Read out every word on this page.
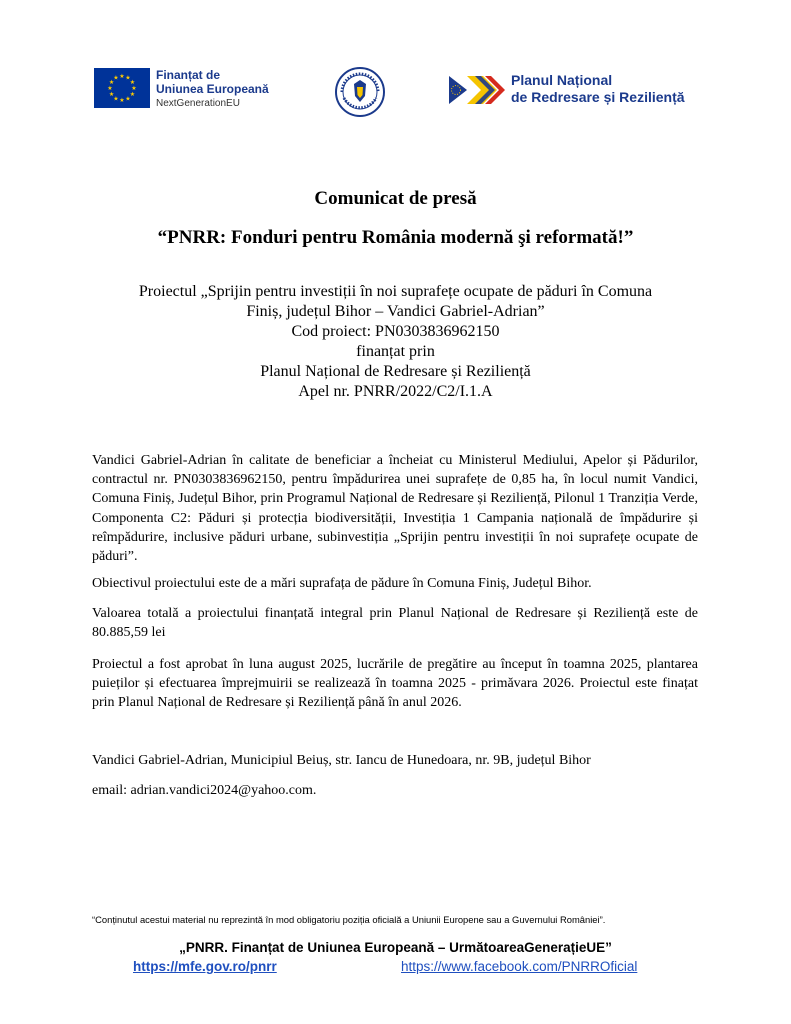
★ ★
★
★
★
★
★
★
★
★
★
★	Finanțat de
Uniunea Europeană
NextGenerationEU
Planul Național
de Redresare și Reziliență
Comunicat de presă
“PNRR: Fonduri pentru România modernă şi reformată!”
Proiectul „Sprijin pentru investiții în noi suprafețe ocupate de păduri în Comuna
Finiș, județul Bihor – Vandici Gabriel-Adrian”
Cod proiect: PN0303836962150
finanțat prin
Planul Național de Redresare și Reziliență
Apel nr. PNRR/2022/C2/I.1.A
Vandici Gabriel-Adrian în calitate de beneficiar a încheiat cu Ministerul Mediului, Apelor și Pădurilor, contractul nr. PN0303836962150, pentru împădurirea unei suprafețe de 0,85 ha, în locul numit Vandici, Comuna Finiș, Județul Bihor, prin Programul Național de Redresare și Reziliență, Pilonul 1 Tranziția Verde, Componenta C2: Păduri și protecția biodiversității, Investiția 1 Campania națională de împădurire și reîmpădurire, inclusive păduri urbane, subinvestiția „Sprijin pentru investiții în noi suprafețe ocupate de păduri”.
Obiectivul proiectului este de a mări suprafața de pădure în Comuna Finiș, Județul Bihor.
Valoarea totală a proiectului finanțată integral prin Planul Național de Redresare și Reziliență este de 80.885,59 lei
Proiectul a fost aprobat în luna august 2025, lucrările de pregătire au început în toamna 2025, plantarea puieților și efectuarea împrejmuirii se realizează în toamna 2025 - primăvara 2026. Proiectul este finațat prin Planul Național de Redresare și Reziliență până în anul 2026.
Vandici Gabriel-Adrian, Municipiul Beiuș, str. Iancu de Hunedoara, nr. 9B, județul Bihor
email: adrian.vandici2024@yahoo.com.
“Conținutul acestui material nu reprezintă în mod obligatoriu poziția oficială a Uniunii Europene sau a Guvernului României”.
„PNRR. Finanțat de Uniunea Europeană – UrmătoareaGenerațieUE”
https://mfe.gov.ro/pnrr	https://www.facebook.com/PNRROficial
